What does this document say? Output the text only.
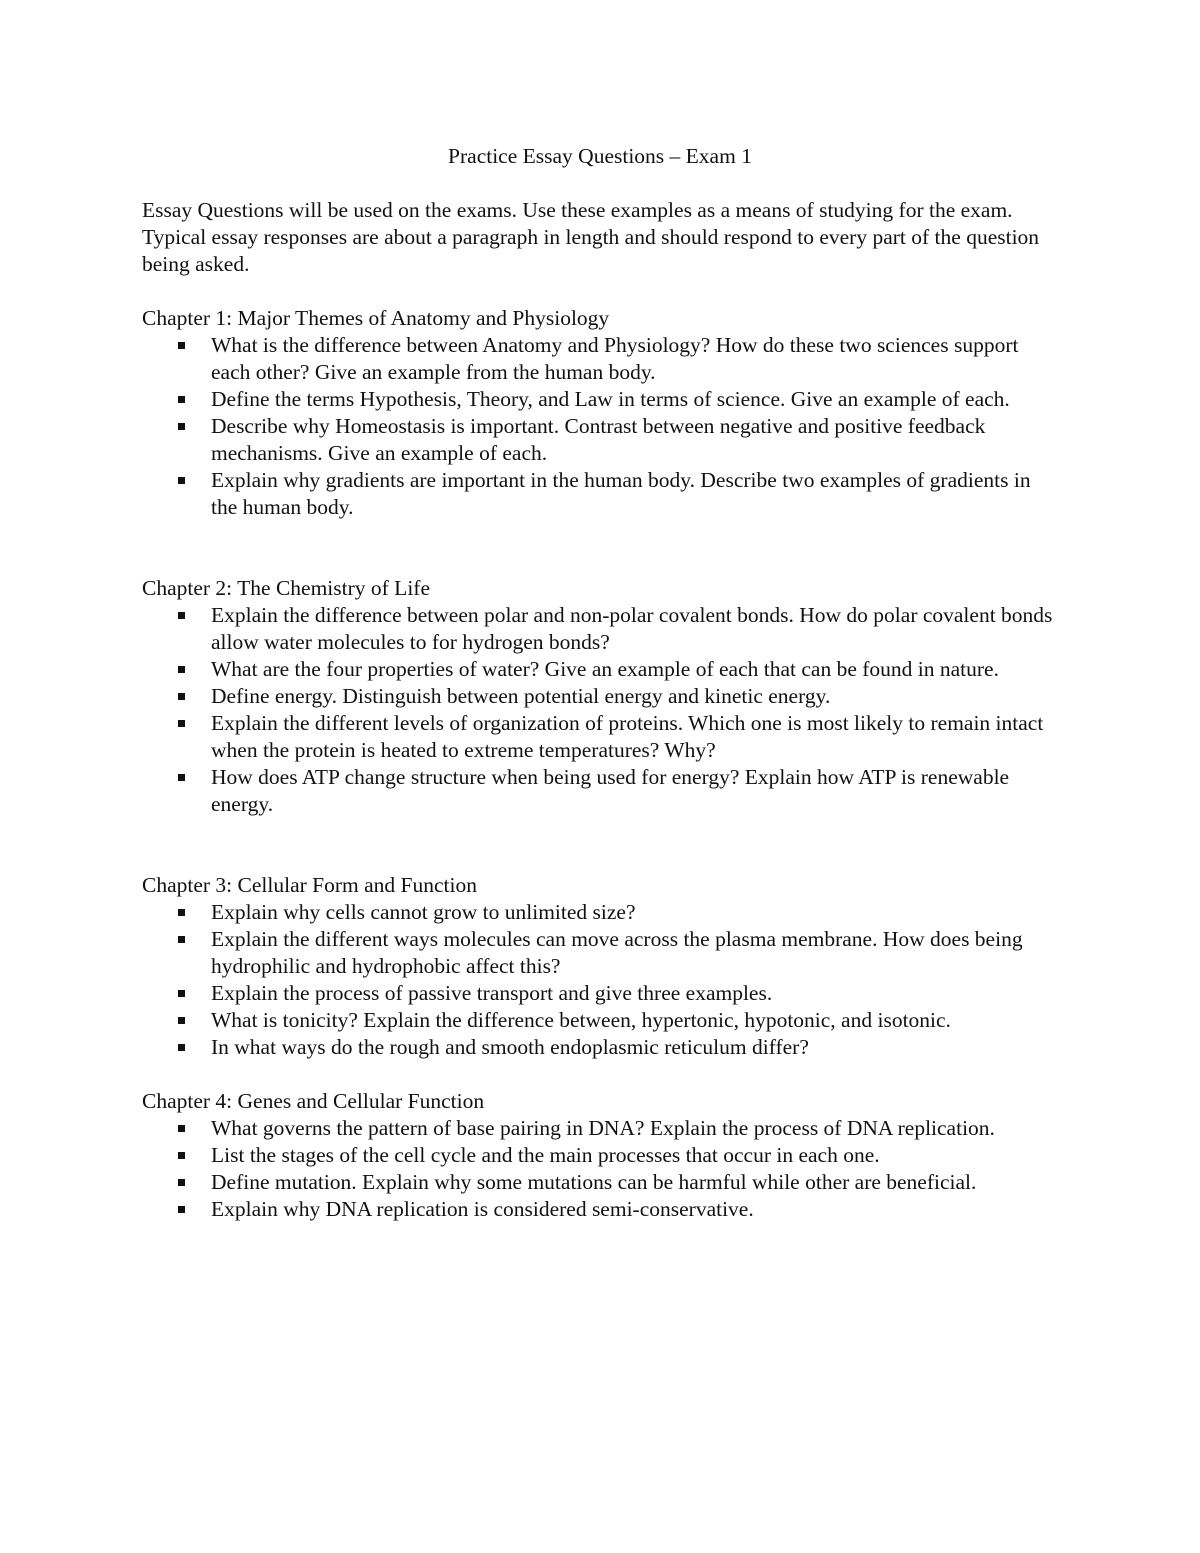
Practice Essay Questions – Exam 1

Essay Questions will be used on the exams. Use these examples as a means of studying for the exam. Typical essay responses are about a paragraph in length and should respond to every part of the question being asked.

Chapter 1: Major Themes of Anatomy and Physiology
What is the difference between Anatomy and Physiology? How do these two sciences support each other? Give an example from the human body.
Define the terms Hypothesis, Theory, and Law in terms of science. Give an example of each.
Describe why Homeostasis is important. Contrast between negative and positive feedback mechanisms. Give an example of each.
Explain why gradients are important in the human body. Describe two examples of gradients in the human body.
Chapter 2: The Chemistry of Life
Explain the difference between polar and non-polar covalent bonds. How do polar covalent bonds allow water molecules to for hydrogen bonds?
What are the four properties of water? Give an example of each that can be found in nature.
Define energy. Distinguish between potential energy and kinetic energy.
Explain the different levels of organization of proteins. Which one is most likely to remain intact when the protein is heated to extreme temperatures? Why?
How does ATP change structure when being used for energy? Explain how ATP is renewable energy.
Chapter 3: Cellular Form and Function
Explain why cells cannot grow to unlimited size?
Explain the different ways molecules can move across the plasma membrane. How does being hydrophilic and hydrophobic affect this?
Explain the process of passive transport and give three examples.
What is tonicity? Explain the difference between, hypertonic, hypotonic, and isotonic.
In what ways do the rough and smooth endoplasmic reticulum differ?
Chapter 4: Genes and Cellular Function
What governs the pattern of base pairing in DNA? Explain the process of DNA replication.
List the stages of the cell cycle and the main processes that occur in each one.
Define mutation. Explain why some mutations can be harmful while other are beneficial.
Explain why DNA replication is considered semi-conservative.
